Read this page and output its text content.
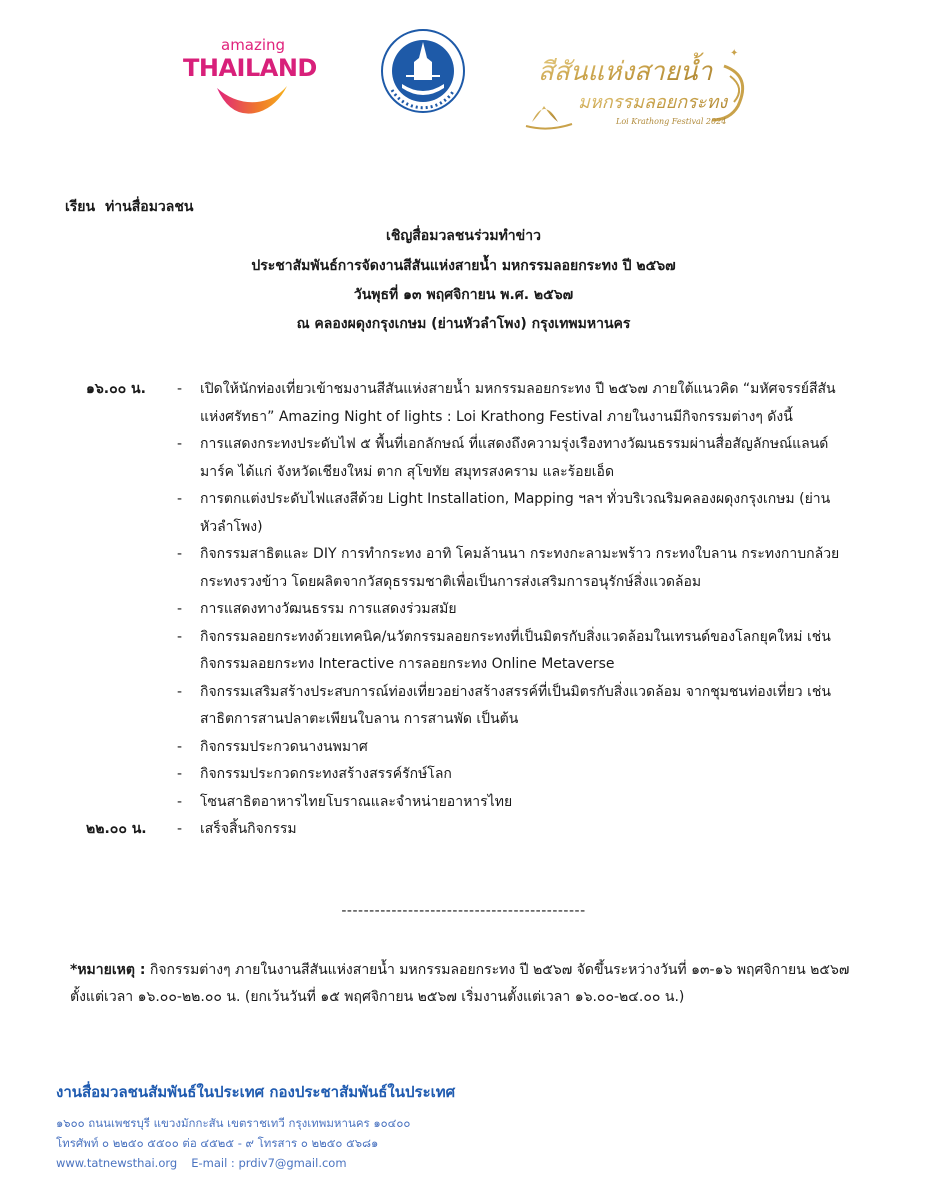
amazing
THAILAND	สีสันแห่งสายน้ำ
มหกรรมลอยกระทง
Loi Krathong Festival 2024
✦
เรียน ท่านสื่อมวลชน
เชิญสื่อมวลชนร่วมทำข่าว
ประชาสัมพันธ์การจัดงานสีสันแห่งสายน้ำ มหกรรมลอยกระทง ปี ๒๕๖๗
วันพุธที่ ๑๓ พฤศจิกายน พ.ศ. ๒๕๖๗
ณ คลองผดุงกรุงเกษม (ย่านหัวลำโพง) กรุงเทพมหานคร
๑๖.๐๐ น. - เปิดให้นักท่องเที่ยวเข้าชมงานสีสันแห่งสายน้ำ มหกรรมลอยกระทง ปี ๒๕๖๗ ภายใต้แนวคิด “มหัศจรรย์สีสันแห่งศรัทธา” Amazing Night of lights : Loi Krathong Festival ภายในงานมีกิจกรรมต่างๆ ดังนี้
- การแสดงกระทงประดับไฟ ๕ พื้นที่เอกลักษณ์ ที่แสดงถึงความรุ่งเรืองทางวัฒนธรรมผ่านสื่อสัญลักษณ์แลนด์มาร์ค ได้แก่ จังหวัดเชียงใหม่ ตาก สุโขทัย สมุทรสงคราม และร้อยเอ็ด
- การตกแต่งประดับไฟแสงสีด้วย Light Installation, Mapping ฯลฯ ทั่วบริเวณริมคลองผดุงกรุงเกษม (ย่านหัวลำโพง)
- กิจกรรมสาธิตและ DIY การทำกระทง อาทิ โคมล้านนา กระทงกะลามะพร้าว กระทงใบลาน กระทงกาบกล้วย กระทงรวงข้าว โดยผลิตจากวัสดุธรรมชาติเพื่อเป็นการส่งเสริมการอนุรักษ์สิ่งแวดล้อม
- การแสดงทางวัฒนธรรม การแสดงร่วมสมัย
- กิจกรรมลอยกระทงด้วยเทคนิค/นวัตกรรมลอยกระทงที่เป็นมิตรกับสิ่งแวดล้อมในเทรนด์ของโลกยุคใหม่ เช่น กิจกรรมลอยกระทง Interactive การลอยกระทง Online Metaverse
- กิจกรรมเสริมสร้างประสบการณ์ท่องเที่ยวอย่างสร้างสรรค์ที่เป็นมิตรกับสิ่งแวดล้อม จากชุมชนท่องเที่ยว เช่น สาธิตการสานปลาตะเพียนใบลาน การสานพัด เป็นต้น
- กิจกรรมประกวดนางนพมาศ
- กิจกรรมประกวดกระทงสร้างสรรค์รักษ์โลก
- โซนสาธิตอาหารไทยโบราณและจำหน่ายอาหารไทย
๒๒.๐๐ น. - เสร็จสิ้นกิจกรรม
--------------------------------------------
*หมายเหตุ : กิจกรรมต่างๆ ภายในงานสีสันแห่งสายน้ำ มหกรรมลอยกระทง ปี ๒๕๖๗ จัดขึ้นระหว่างวันที่ ๑๓-๑๖ พฤศจิกายน ๒๕๖๗ ตั้งแต่เวลา ๑๖.๐๐-๒๒.๐๐ น. (ยกเว้นวันที่ ๑๕ พฤศจิกายน ๒๕๖๗ เริ่มงานตั้งแต่เวลา ๑๖.๐๐-๒๔.๐๐ น.)
งานสื่อมวลชนสัมพันธ์ในประเทศ กองประชาสัมพันธ์ในประเทศ
๑๖๐๐ ถนนเพชรบุรี แขวงมักกะสัน เขตราชเทวี กรุงเทพมหานคร ๑๐๔๐๐
โทรศัพท์ ๐ ๒๒๕๐ ๕๕๐๐ ต่อ ๔๕๒๕ - ๙ โทรสาร ๐ ๒๒๕๐ ๕๖๘๑
www.tatnewsthai.org E-mail : prdiv7@gmail.com
